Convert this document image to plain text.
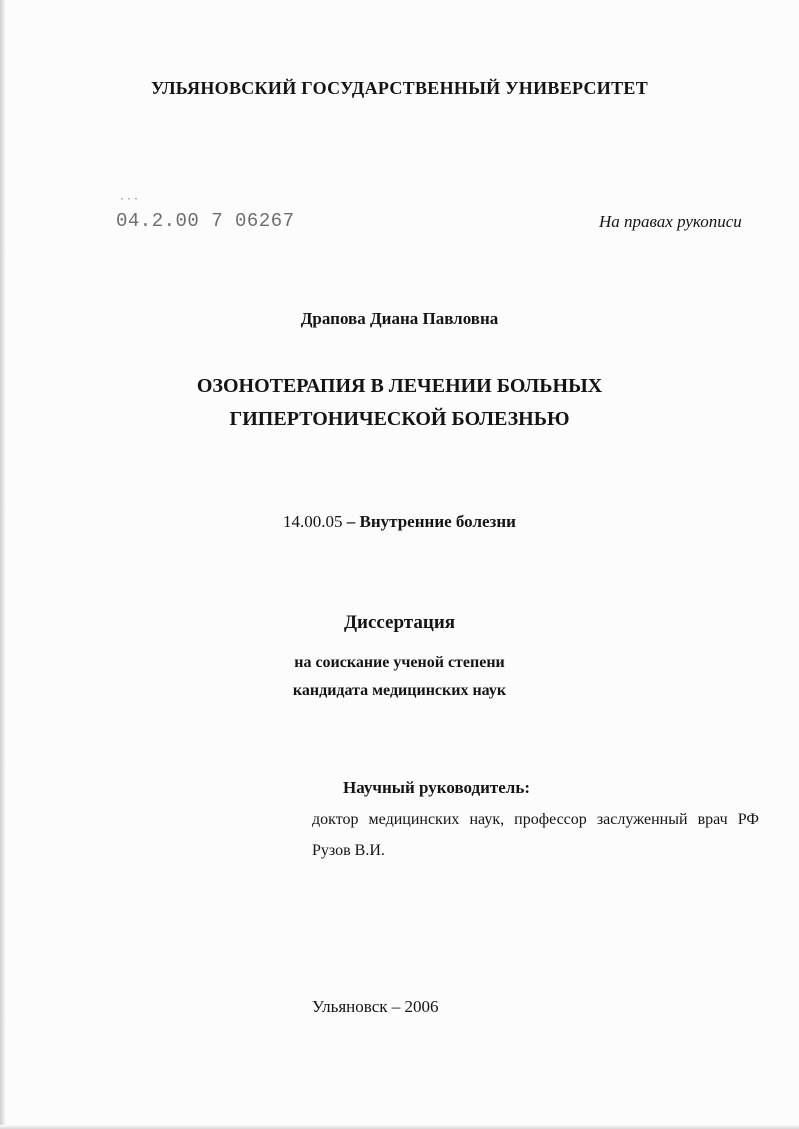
УЛЬЯНОВСКИЙ ГОСУДАРСТВЕННЫЙ УНИВЕРСИТЕТ
···
04.2.00 7 06267	На правах рукописи
Драпова Диана Павловна
ОЗОНОТЕРАПИЯ В ЛЕЧЕНИИ БОЛЬНЫХ
ГИПЕРТОНИЧЕСКОЙ БОЛЕЗНЬЮ
14.00.05 – Внутренние болезни
Диссертация
на соискание ученой степени
кандидата медицинских наук
Научный руководитель:
доктор медицинских наук, профессор заслуженный врач РФ Рузов В.И.
Ульяновск – 2006
